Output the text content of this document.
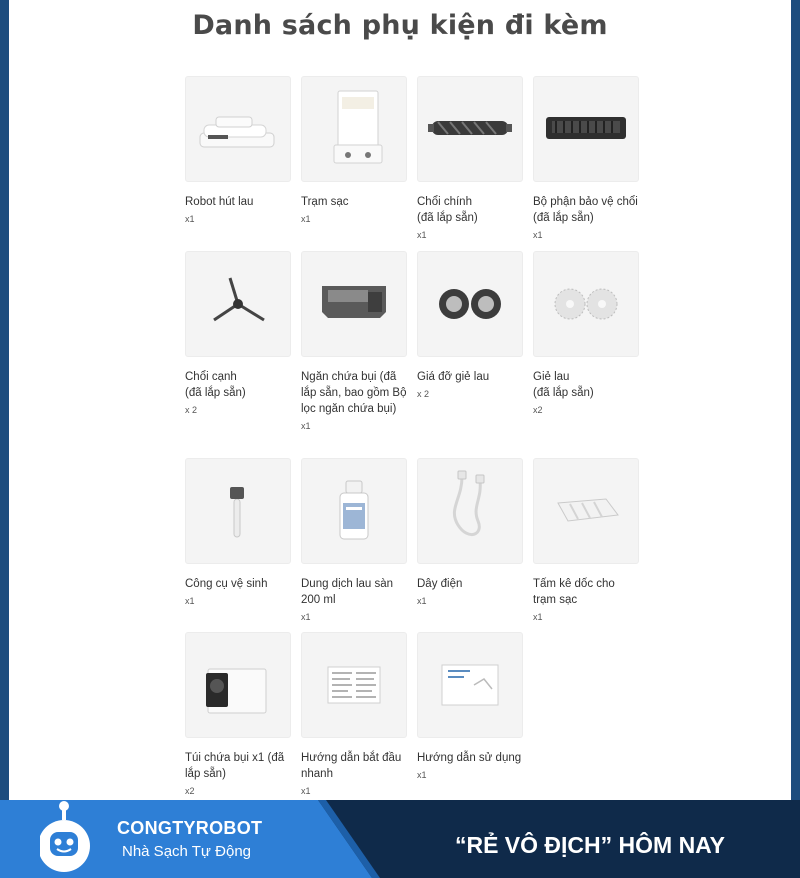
Danh sách phụ kiện đi kèm
Robot hút lau
x1
Trạm sạc
x1
Chổi chính
(đã lắp sẵn)
x1
Bộ phận bảo vệ chổi (đã lắp sẵn)
x1
Chổi cạnh
(đã lắp sẵn)
x 2
Ngăn chứa bụi (đã lắp sẵn, bao gồm Bộ lọc ngăn chứa bụi)
x1
Giá đỡ giẻ lau
x 2
Giẻ lau
(đã lắp sẵn)
x2
Công cụ vệ sinh
x1
Dung dịch lau sàn 200 ml
x1
Dây điện
x1
Tấm kê dốc cho trạm sạc
x1
Túi chứa bụi x1 (đã lắp sẵn)
x2
Hướng dẫn bắt đầu nhanh
x1
Hướng dẫn sử dụng
x1
CONGTYROBOT
Nhà Sạch Tự Động	“RẺ VÔ ĐỊCH” HÔM NAY
